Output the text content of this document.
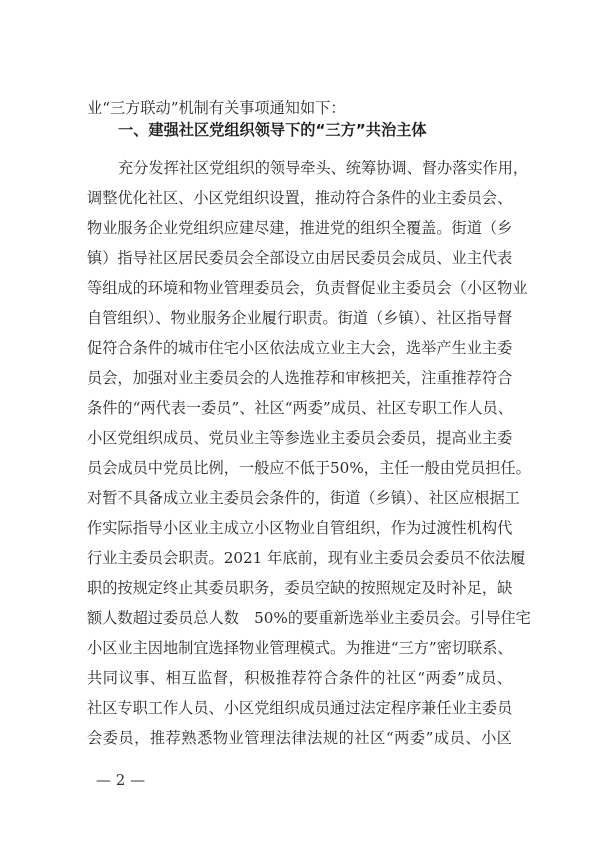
业“三方联动”机制有关事项通知如下：
一、建强社区党组织领导下的“三方”共治主体
充分发挥社区党组织的领导牵头、统筹协调、督办落实作用，
调整优化社区、小区党组织设置，推动符合条件的业主委员会、
物业服务企业党组织应建尽建，推进党的组织全覆盖。街道（乡
镇）指导社区居民委员会全部设立由居民委员会成员、业主代表
等组成的环境和物业管理委员会，负责督促业主委员会（小区物业
自管组织）、物业服务企业履行职责。街道（乡镇）、社区指导督
促符合条件的城市住宅小区依法成立业主大会，选举产生业主委
员会，加强对业主委员会的人选推荐和审核把关，注重推荐符合
条件的“两代表一委员”、社区“两委”成员、社区专职工作人员、
小区党组织成员、党员业主等参选业主委员会委员，提高业主委
员会成员中党员比例，一般应不低于50%，主任一般由党员担任。
对暂不具备成立业主委员会条件的，街道（乡镇）、社区应根据工
作实际指导小区业主成立小区物业自管组织，作为过渡性机构代
行业主委员会职责。2021 年底前，现有业主委员会委员不依法履
职的按规定终止其委员职务，委员空缺的按照规定及时补足，缺
额人数超过委员总人数　50%的要重新选举业主委员会。引导住宅
小区业主因地制宜选择物业管理模式。为推进“三方”密切联系、
共同议事、相互监督，积极推荐符合条件的社区“两委”成员、
社区专职工作人员、小区党组织成员通过法定程序兼任业主委员
会委员，推荐熟悉物业管理法律法规的社区“两委”成员、小区
— 2 —
